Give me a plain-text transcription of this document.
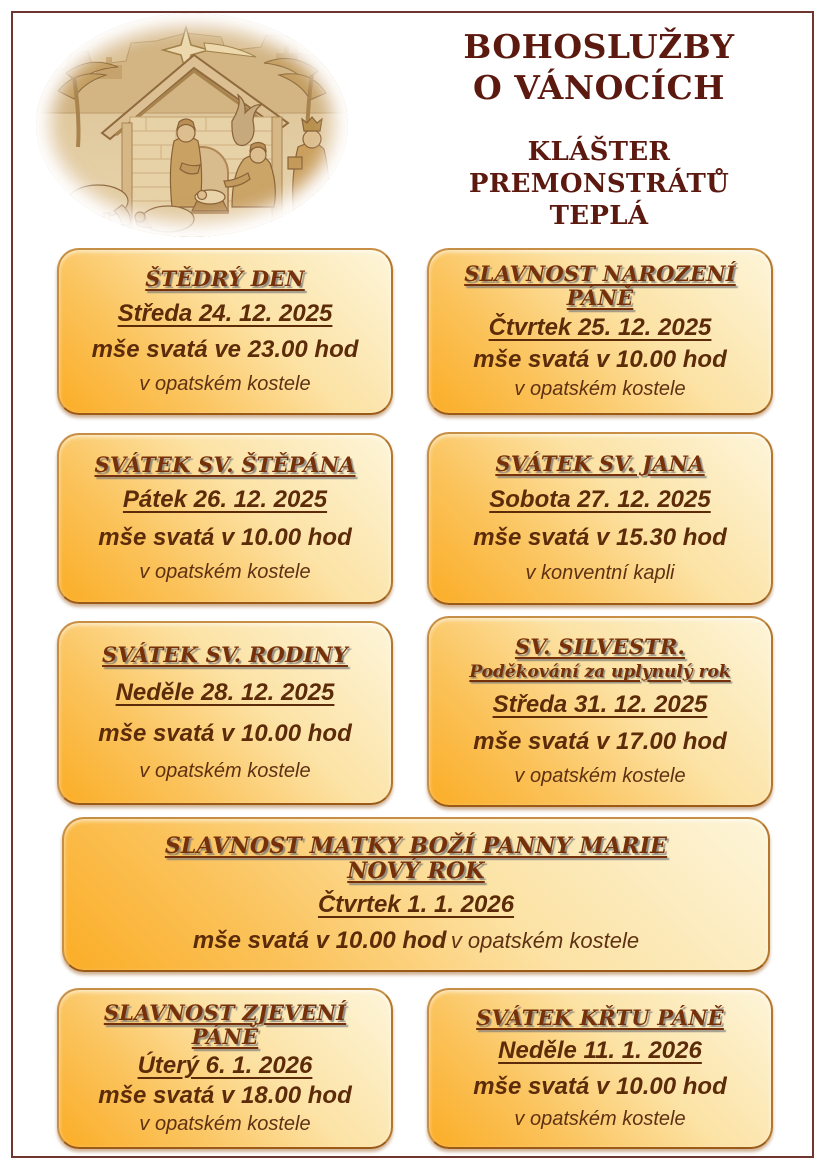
BOHOSLUŽBY
O VÁNOCÍCH
KLÁŠTER PREMONSTRÁTŮ
TEPLÁ
ŠTĚDRÝ DEN
Středa 24. 12. 2025
mše svatá ve 23.00 hod
v opatském kostele
SLAVNOST NAROZENÍ PÁNĚ
Čtvrtek 25. 12. 2025
mše svatá v 10.00 hod
v opatském kostele
SVÁTEK SV. ŠTĚPÁNA
Pátek 26. 12. 2025
mše svatá v 10.00 hod
v opatském kostele
SVÁTEK SV. JANA
Sobota 27. 12. 2025
mše svatá v 15.30 hod
v konventní kapli
SVÁTEK SV. RODINY
Neděle 28. 12. 2025
mše svatá v 10.00 hod
v opatském kostele
SV. SILVESTR.
Poděkování za uplynulý rok
Středa 31. 12. 2025
mše svatá v 17.00 hod
v opatském kostele
SLAVNOST MATKY BOŽÍ PANNY MARIE
NOVÝ ROK
Čtvrtek 1. 1. 2026
mše svatá v 10.00 hod v opatském kostele
SLAVNOST ZJEVENÍ PÁNĚ
Úterý 6. 1. 2026
mše svatá v 18.00 hod
v opatském kostele
SVÁTEK KŘTU PÁNĚ
Neděle 11. 1. 2026
mše svatá v 10.00 hod
v opatském kostele
